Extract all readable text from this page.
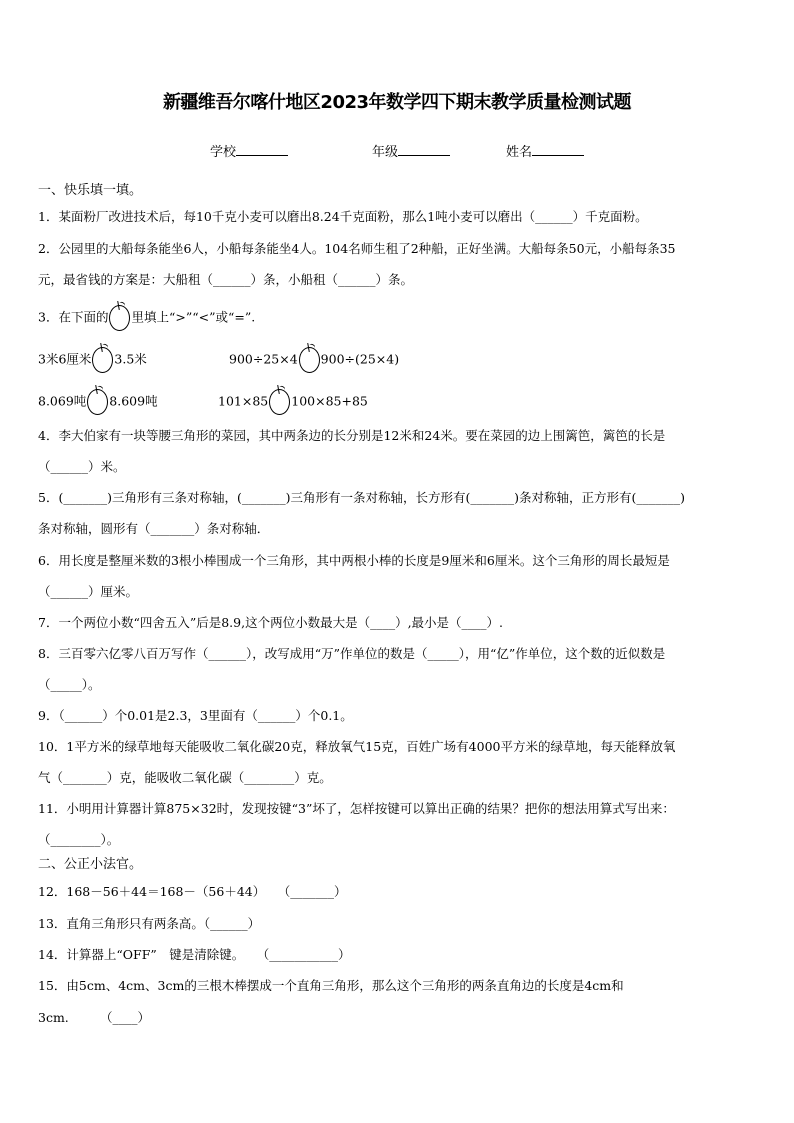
新疆维吾尔喀什地区2023年数学四下期末教学质量检测试题
学校	年级	姓名
一、快乐填一填。
1．某面粉厂改进技术后，每10千克小麦可以磨出8.24千克面粉，那么1吨小麦可以磨出（______）千克面粉。
2．公园里的大船每条能坐6人，小船每条能坐4人。104名师生租了2种船，正好坐满。大船每条50元，小船每条35
元，最省钱的方案是：大船租（______）条，小船租（______）条。
3．在下面的 里填上“>”“<”或“=”.
3米6厘米 3.5米	900÷25×4 900÷(25×4)
8.069吨 8.609吨	101×85 100×85+85
4．李大伯家有一块等腰三角形的菜园，其中两条边的长分别是12米和24米。要在菜园的边上围篱笆，篱笆的长是
（______）米。
5．(_______)三角形有三条对称轴，(_______)三角形有一条对称轴，长方形有(_______)条对称轴，正方形有(_______)
条对称轴，圆形有（_______）条对称轴．
6．用长度是整厘米数的3根小棒围成一个三角形，其中两根小棒的长度是9厘米和6厘米。这个三角形的周长最短是
（______）厘米。
7．一个两位小数“四舍五入”后是8.9,这个两位小数最大是（____）,最小是（____）.
8．三百零六亿零八百万写作（______），改写成用“万”作单位的数是（_____），用“亿”作单位，这个数的近似数是
（_____）。
9．（______）个0.01是2.3，3里面有（______）个0.1。
10．1平方米的绿草地每天能吸收二氧化碳20克，释放氧气15克，百姓广场有4000平方米的绿草地，每天能释放氧
气（_______）克，能吸收二氧化碳（________）克。
11．小明用计算器计算875×32时，发现按键“3”坏了，怎样按键可以算出正确的结果？把你的想法用算式写出来：
（________）。
二、公正小法官。
12．168－56＋44＝168－（56＋44）　　（_______）
13．直角三角形只有两条高。（______）
14．计算器上“OFF”　键是清除键。　　（___________）
15．由5cm、4cm、3cm的三根木棒摆成一个直角三角形，那么这个三角形的两条直角边的长度是4cm和
3cm.　　　（____）
